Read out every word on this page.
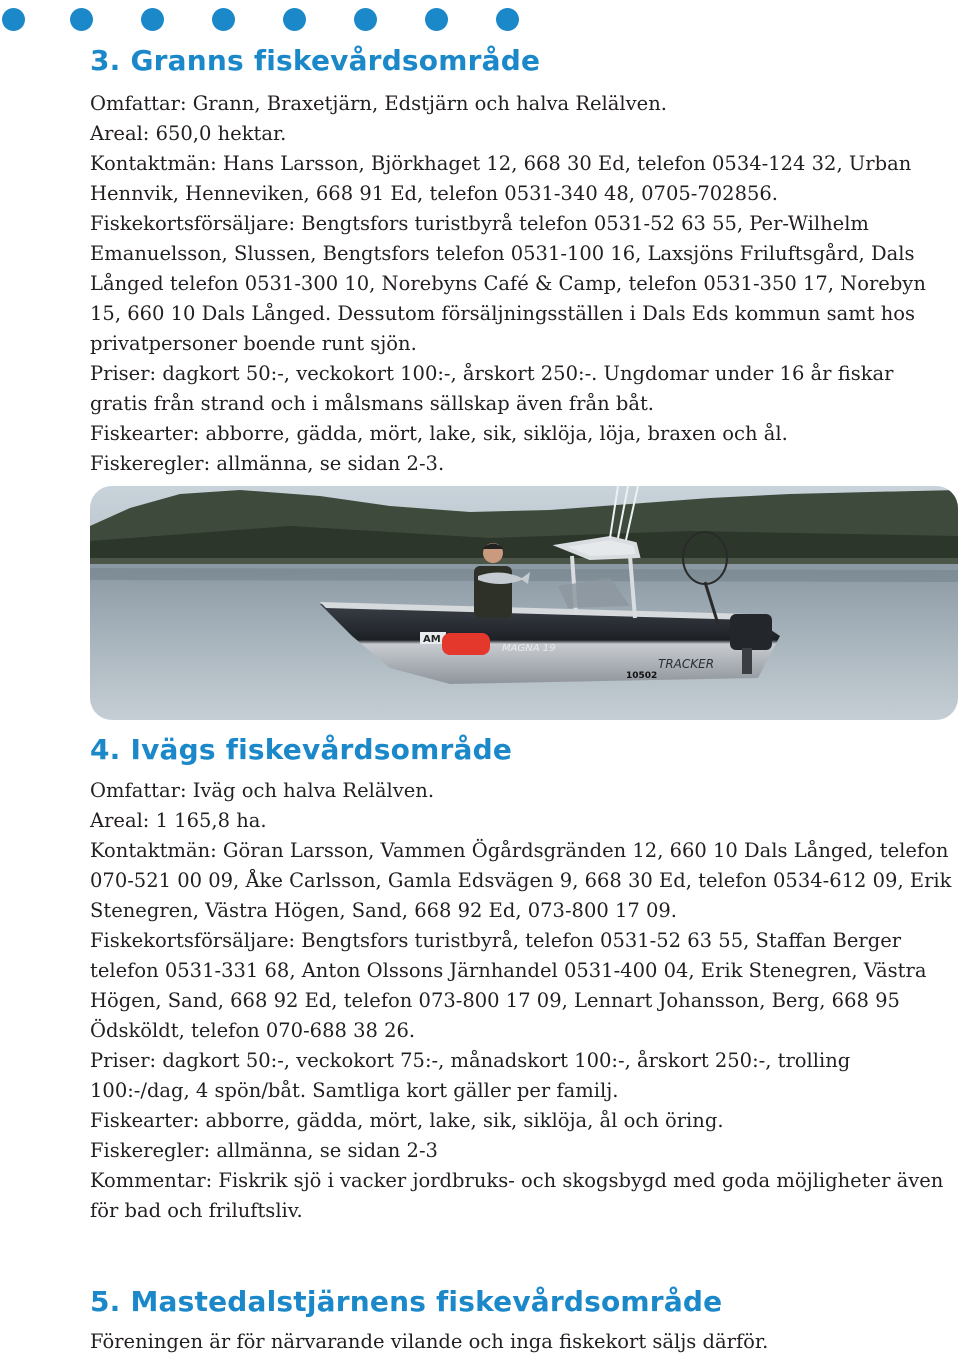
3. Granns fiskevårdsområde

Omfattar: Grann, Braxetjärn, Edstjärn och halva Relälven.

Areal: 650,0 hektar.

Kontaktmän: Hans Larsson, Björkhaget 12, 668 30 Ed, telefon 0534-124 32, Urban Hennvik, Henneviken, 668 91 Ed, telefon 0531-340 48, 0705-702856.

Fiskekortsförsäljare: Bengtsfors turistbyrå telefon 0531-52 63 55, Per-Wilhelm Emanuelsson, Slussen, Bengtsfors telefon 0531-100 16, Laxsjöns Friluftsgård, Dals Långed telefon 0531-300 10, Norebyns Café & Camp, telefon 0531-350 17, Norebyn 15, 660 10 Dals Långed. Dessutom försäljningsställen i Dals Eds kommun samt hos privatpersoner boende runt sjön.

Priser: dagkort 50:-, veckokort 100:-, årskort 250:-. Ungdomar under 16 år fiskar gratis från strand och i målsmans sällskap även från båt.

Fiskearter: abborre, gädda, mört, lake, sik, siklöja, löja, braxen och ål.

Fiskeregler: allmänna, se sidan 2-3.

4. Ivägs fiskevårdsområde

Omfattar: Iväg och halva Relälven.

Areal: 1 165,8 ha.

Kontaktmän: Göran Larsson, Vammen Ögårdsgränden 12, 660 10 Dals Långed, telefon 070-521 00 09, Åke Carlsson, Gamla Edsvägen 9, 668 30 Ed, telefon 0534-612 09, Erik Stenegren, Västra Högen, Sand, 668 92 Ed, 073-800 17 09.

Fiskekortsförsäljare: Bengtsfors turistbyrå, telefon 0531-52 63 55, Staffan Berger telefon 0531-331 68, Anton Olssons Järnhandel 0531-400 04, Erik Stenegren, Västra Högen, Sand, 668 92 Ed, telefon 073-800 17 09, Lennart Johansson, Berg, 668 95 Ödsköldt, telefon 070-688 38 26.

Priser: dagkort 50:-, veckokort 75:-, månadskort 100:-, årskort 250:-, trolling 100:-/dag, 4 spön/båt. Samtliga kort gäller per familj.

Fiskearter: abborre, gädda, mört, lake, sik, siklöja, ål och öring.

Fiskeregler: allmänna, se sidan 2-3

Kommentar: Fiskrik sjö i vacker jordbruks- och skogsbygd med goda möjligheter även för bad och friluftsliv.

5. Mastedalstjärnens fiskevårdsområde

Föreningen är för närvarande vilande och inga fiskekort säljs därför.

AM
MAGNA 19
TRACKER
10502
